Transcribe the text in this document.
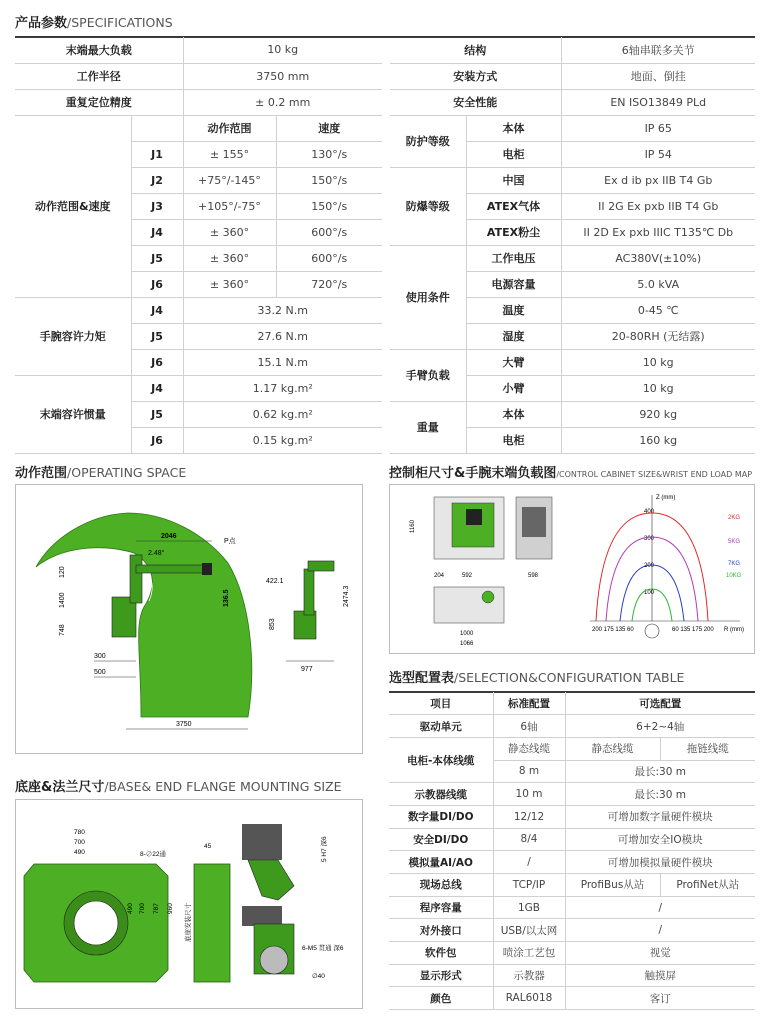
产品参数/SPECIFICATIONS
末端最大负载		10 kg	
工作半径		3750 mm	
重复定位精度		± 0.2 mm	
动作范围&速度		动作范围	速度
	J1	± 155°	130°/s
	J2	+75°/-145°	150°/s
	J3	+105°/-75°	150°/s
	J4	± 360°	600°/s
	J5	± 360°	600°/s
	J6	± 360°	720°/s
手腕容许力矩	J4	33.2 N.m	
	J5	27.6 N.m	
	J6	15.1 N.m	
末端容许惯量	J4	1.17 kg.m²	
	J5	0.62 kg.m²	
	J6	0.15 kg.m²	
结构		6轴串联多关节
安装方式		地面、倒挂
安全性能		EN ISO13849 PLd
防护等级	本体	IP 65
	电柜	IP 54
防爆等级	中国	Ex d ib px IIB T4 Gb
	ATEX气体	II 2G Ex pxb IIB T4 Gb
	ATEX粉尘	II 2D Ex pxb IIIC T135℃ Db
使用条件	工作电压	AC380V(±10%)
	电源容量	5.0 kVA
	温度	0-45 ℃
	湿度	20-80RH (无结露)
手臂负载	大臂	10 kg
	小臂	10 kg
重量	本体	920 kg
	电柜	160 kg
动作范围/OPERATING SPACE
2046
P点
2.48°
120
1400
748
136.5
300
500
3750
422.1
853
2474.3
977
控制柜尺寸&手腕末端负载图/CONTROL CABINET SIZE&WRIST END LOAD MAP
1160
204	592	598
1000
1066
Z (mm)
R (mm)
400
300
200
100
200 175 135 60	60 135 175 200
2KG
5KG
7KG
10KG
选型配置表/SELECTION&CONFIGURATION TABLE
项目	标准配置	可选配置	
驱动单元	6轴	6+2~4轴	
电柜-本体线缆	静态线缆	静态线缆	拖链线缆
	8 m	最长:30 m	
示教器线缆	10 m	最长:30 m	
数字量DI/DO	12/12	可增加数字量硬件模块	
安全DI/DO	8/4	可增加安全IO模块	
模拟量AI/AO	/	可增加模拟量硬件模块	
现场总线	TCP/IP	ProfiBus从站	ProfiNet从站
程序容量	1GB	/	
对外接口	USB/以太网	/	
软件包	喷涂工艺包	视觉	
显示形式	示教器	触摸屏	
颜色	RAL6018	客订	
底座&法兰尺寸/BASE& END FLANGE MOUNTING SIZE
780
700
490	8-∅22通
490 700 787 960	底座安装尺寸
45
6-M5 贯通 深6
5 H7 深6
∅40
